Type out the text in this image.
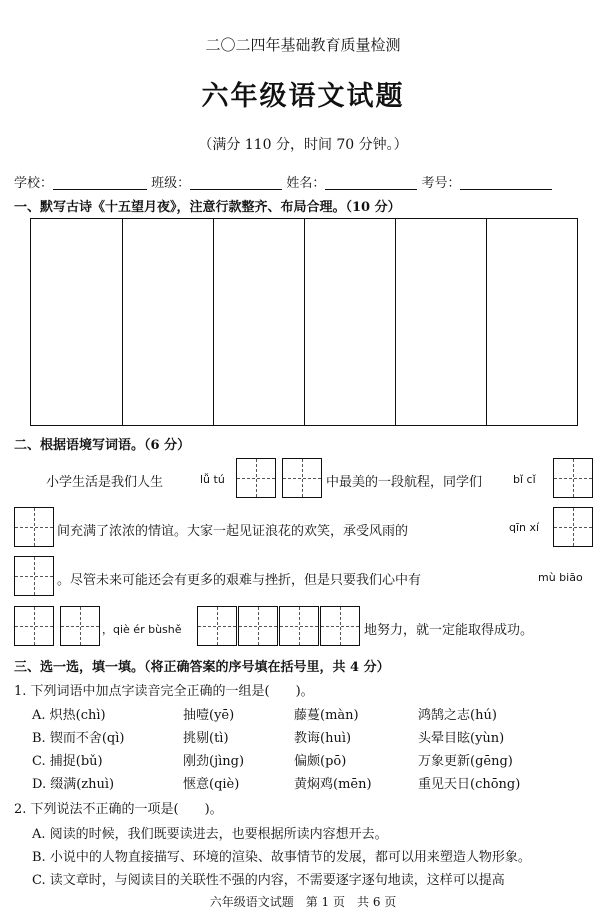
二〇二四年基础教育质量检测
六年级语文试题
（满分 110 分，时间 70 分钟。）
学校：	班级：	姓名：	考号：
一、默写古诗《十五望月夜》，注意行款整齐、布局合理。（10 分）
二、根据语境写词语。（6 分）
小学生活是我们人生	lǚ tú	中最美的一段航程，同学们	bǐ cǐ
间充满了浓浓的情谊。大家一起见证浪花的欢笑，承受风雨的	qīn xí
。尽管未来可能还会有更多的艰难与挫折，但是只要我们心中有	mù biāo
，qiè ér bùshě	地努力，就一定能取得成功。
三、选一选，填一填。（将正确答案的序号填在括号里，共 4 分）
1. 下列词语中加点字读音完全正确的一组是(　　)。
A. 炽热(chì)	抽噎(yē)	藤蔓(màn)	鸿鹄之志(hú)
B. 锲而不舍(qì)	挑剔(tì)	教诲(huì)	头晕目眩(yùn)
C. 捕捉(bǔ)	刚劲(jìng)	偏颇(pō)	万象更新(gēng)
D. 缀满(zhuì)	惬意(qiè)	黄焖鸡(mēn)	重见天日(chōng)
2. 下列说法不正确的一项是(　　)。
A. 阅读的时候，我们既要读进去，也要根据所读内容想开去。
B. 小说中的人物直接描写、环境的渲染、故事情节的发展，都可以用来塑造人物形象。
C. 读文章时，与阅读目的关联性不强的内容，不需要逐字逐句地读，这样可以提高
六年级语文试题　第 1 页　共 6 页
